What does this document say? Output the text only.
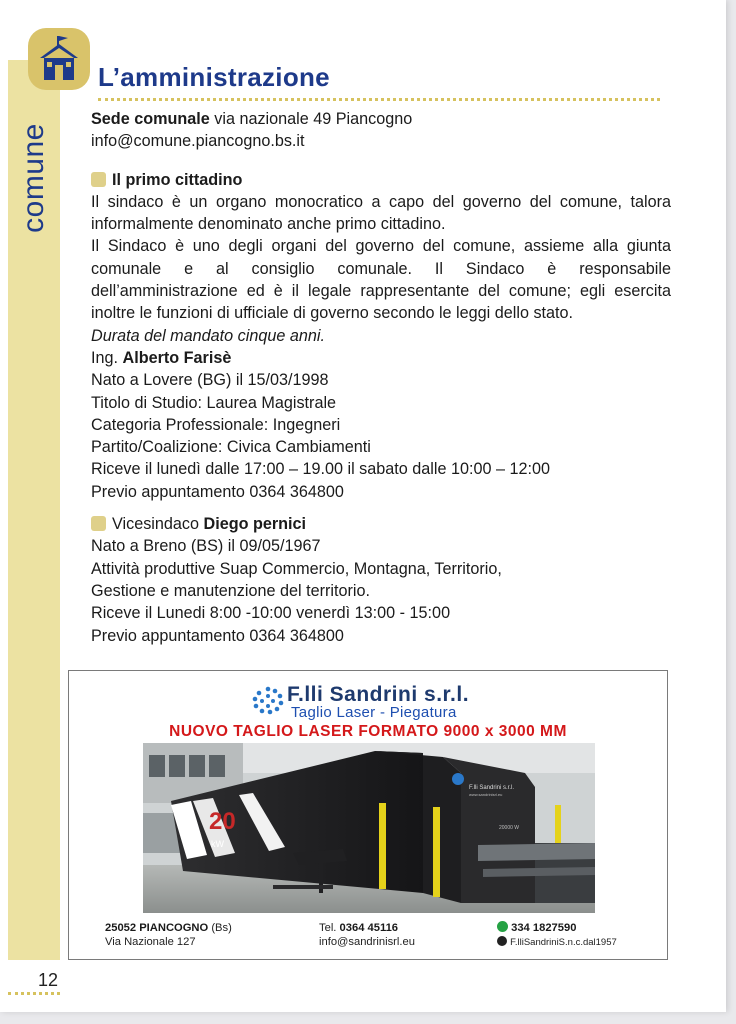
comune
L’amministrazione

Sede comunale via nazionale 49 Piancogno

info@comune.piancogno.bs.it

Il primo cittadino

Il sindaco è un organo monocratico a capo del governo del comune, talora informalmente denominato anche primo cittadino.

Il Sindaco è uno degli organi del governo del comune, assieme alla giunta comunale e al consiglio comunale. Il Sindaco è responsabile dell’amministrazione ed è il legale rappresentante del comune; egli esercita inoltre le funzioni di ufficiale di governo secondo le leggi dello stato.

Durata del mandato cinque anni.

Ing. Alberto Farisè

Nato a Lovere (BG) il 15/03/1998

Titolo di Studio: Laurea Magistrale

Categoria Professionale: Ingegneri

Partito/Coalizione: Civica Cambiamenti

Riceve il lunedì dalle 17:00 – 19.00 il sabato dalle 10:00 – 12:00

Previo appuntamento 0364 364800

Vicesindaco Diego pernici

Nato a Breno (BS) il 09/05/1967

Attività produttive Suap Commercio, Montagna, Territorio,

Gestione e manutenzione del territorio.

Riceve il Lunedi 8:00 -10:00 venerdì 13:00 - 15:00

Previo appuntamento 0364 364800

F.lli Sandrini s.r.l.
Taglio Laser - Piegatura
NUOVO TAGLIO LASER FORMATO 9000 x 3000 MM
20
kW
F.lli Sandrini s.r.l.
www.sandrinisrl.eu
20000 W
25052 PIANCOGNO (Bs)
Via Nazionale 127
Tel. 0364 45116
info@sandrinisrl.eu
334 1827590
F.lliSandriniS.n.c.dal1957
12
